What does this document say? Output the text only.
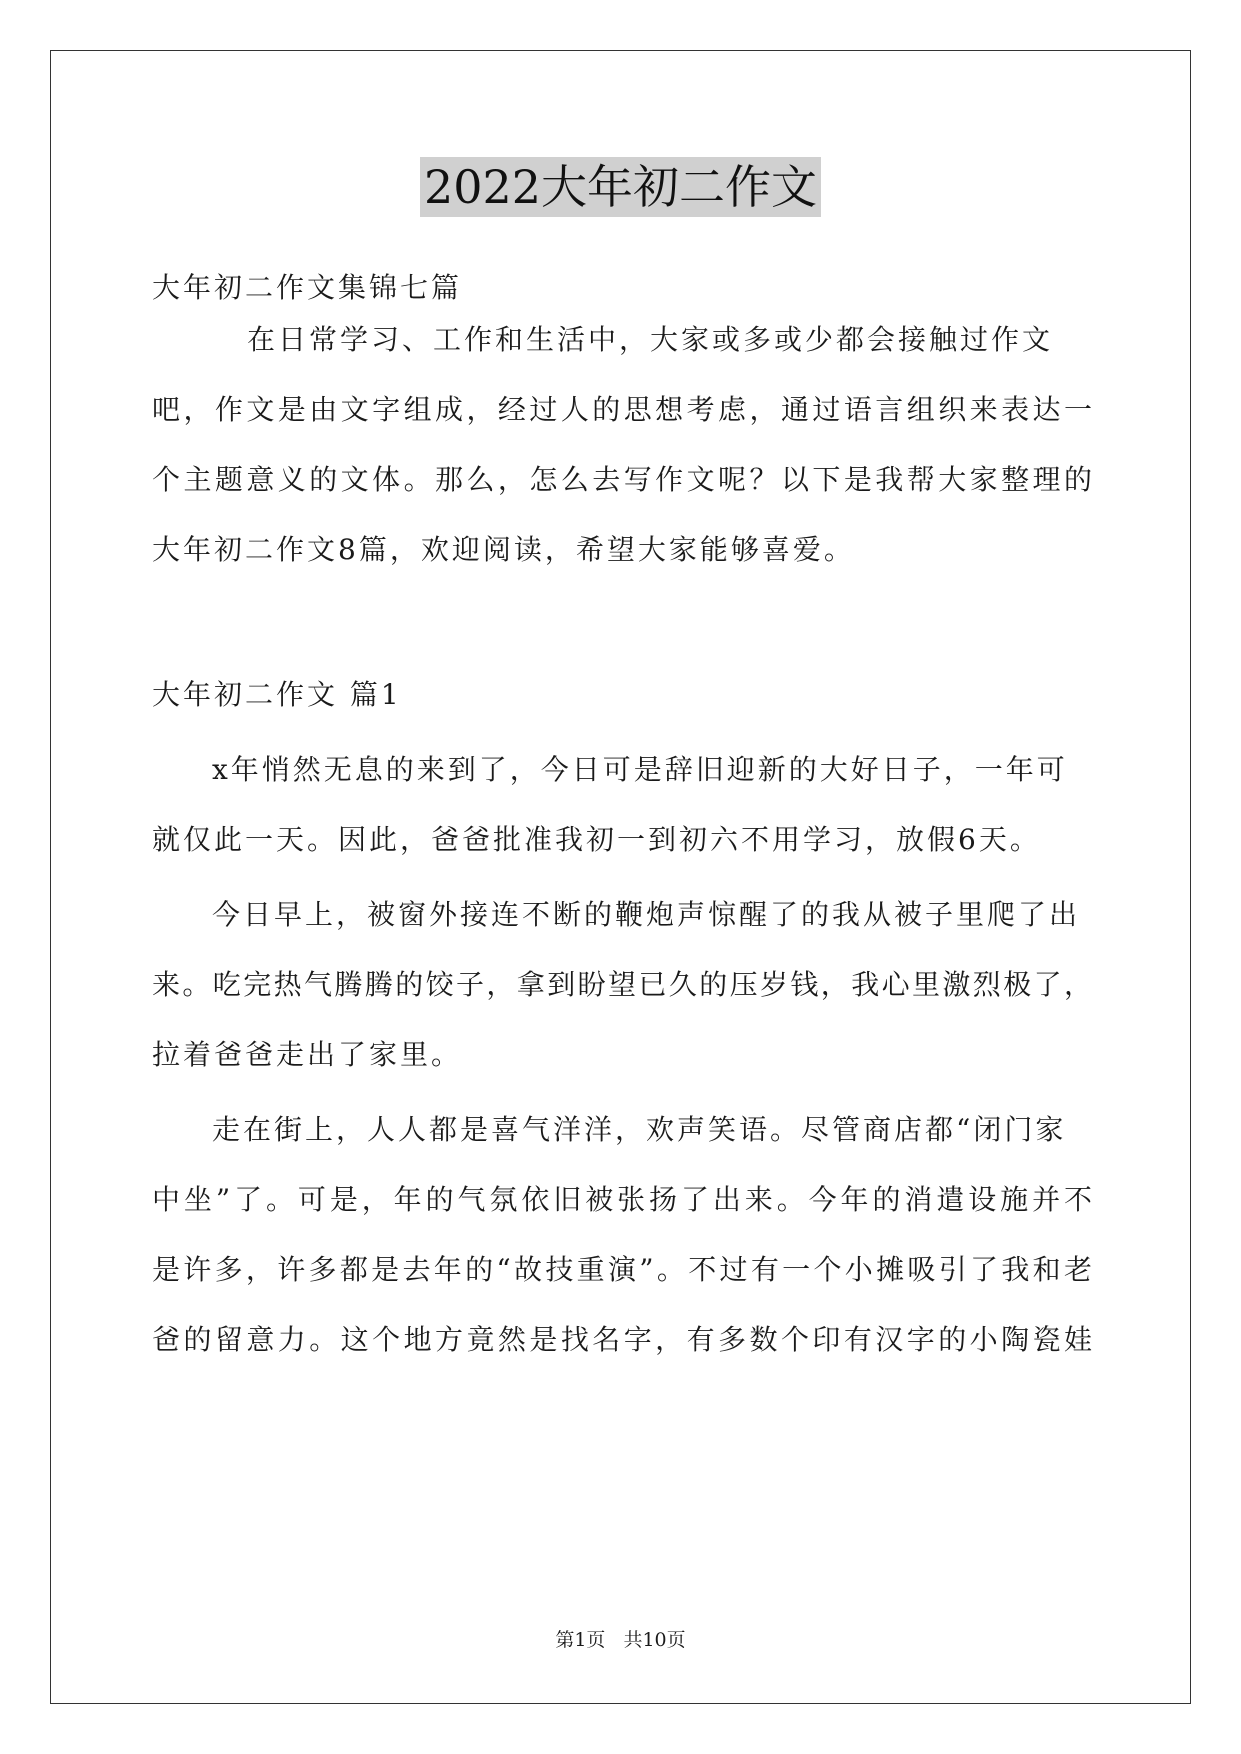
2022大年初二作文
大年初二作文集锦七篇
在日常学习、工作和生活中，大家或多或少都会接触过作文
吧，作文是由文字组成，经过人的思想考虑，通过语言组织来表达一
个主题意义的文体。那么，怎么去写作文呢？以下是我帮大家整理的
大年初二作文8篇，欢迎阅读，希望大家能够喜爱。
大年初二作文 篇1
x年悄然无息的来到了，今日可是辞旧迎新的大好日子，一年可
就仅此一天。因此，爸爸批准我初一到初六不用学习，放假6天。
今日早上，被窗外接连不断的鞭炮声惊醒了的我从被子里爬了出
来。吃完热气腾腾的饺子，拿到盼望已久的压岁钱，我心里激烈极了，
拉着爸爸走出了家里。
走在街上，人人都是喜气洋洋，欢声笑语。尽管商店都“闭门家
中坐”了。可是，年的气氛依旧被张扬了出来。今年的消遣设施并不
是许多，许多都是去年的“故技重演”。不过有一个小摊吸引了我和老
爸的留意力。这个地方竟然是找名字，有多数个印有汉字的小陶瓷娃
第1页 共10页
